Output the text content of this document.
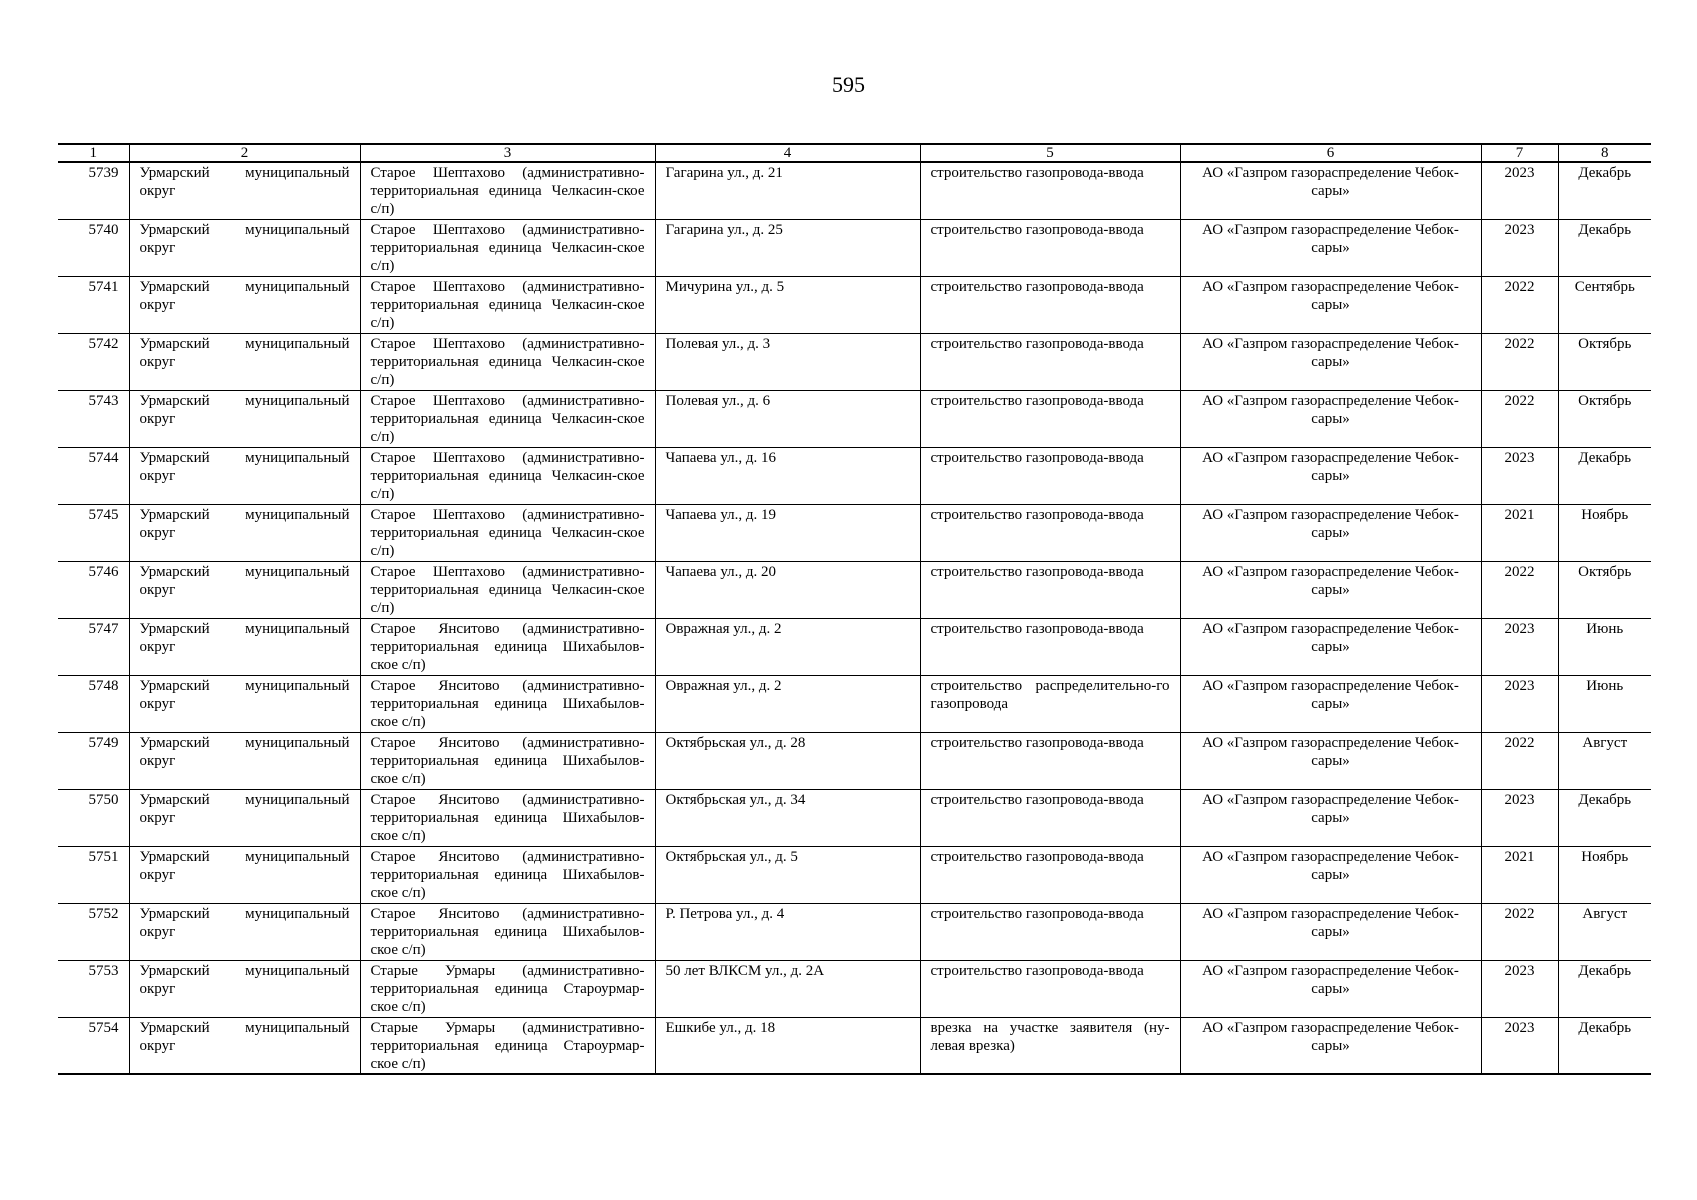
595
1	2	3	4	5	6	7	8
5739	Урмарский муниципальный округ	Старое Шептахово (административно-территориальная единица Челкасин-ское с/п)	Гагарина ул., д. 21	строительство газопровода-ввода	АО «Газпром газораспределение Чебок-сары»	2023	Декабрь
5740	Урмарский муниципальный округ	Старое Шептахово (административно-территориальная единица Челкасин-ское с/п)	Гагарина ул., д. 25	строительство газопровода-ввода	АО «Газпром газораспределение Чебок-сары»	2023	Декабрь
5741	Урмарский муниципальный округ	Старое Шептахово (административно-территориальная единица Челкасин-ское с/п)	Мичурина ул., д. 5	строительство газопровода-ввода	АО «Газпром газораспределение Чебок-сары»	2022	Сентябрь
5742	Урмарский муниципальный округ	Старое Шептахово (административно-территориальная единица Челкасин-ское с/п)	Полевая ул., д. 3	строительство газопровода-ввода	АО «Газпром газораспределение Чебок-сары»	2022	Октябрь
5743	Урмарский муниципальный округ	Старое Шептахово (административно-территориальная единица Челкасин-ское с/п)	Полевая ул., д. 6	строительство газопровода-ввода	АО «Газпром газораспределение Чебок-сары»	2022	Октябрь
5744	Урмарский муниципальный округ	Старое Шептахово (административно-территориальная единица Челкасин-ское с/п)	Чапаева ул., д. 16	строительство газопровода-ввода	АО «Газпром газораспределение Чебок-сары»	2023	Декабрь
5745	Урмарский муниципальный округ	Старое Шептахово (административно-территориальная единица Челкасин-ское с/п)	Чапаева ул., д. 19	строительство газопровода-ввода	АО «Газпром газораспределение Чебок-сары»	2021	Ноябрь
5746	Урмарский муниципальный округ	Старое Шептахово (административно-территориальная единица Челкасин-ское с/п)	Чапаева ул., д. 20	строительство газопровода-ввода	АО «Газпром газораспределение Чебок-сары»	2022	Октябрь
5747	Урмарский муниципальный округ	Старое Янситово (административно-территориальная единица Шихабылов-ское с/п)	Овражная ул., д. 2	строительство газопровода-ввода	АО «Газпром газораспределение Чебок-сары»	2023	Июнь
5748	Урмарский муниципальный округ	Старое Янситово (административно-территориальная единица Шихабылов-ское с/п)	Овражная ул., д. 2	строительство распределительно-го газопровода	АО «Газпром газораспределение Чебок-сары»	2023	Июнь
5749	Урмарский муниципальный округ	Старое Янситово (административно-территориальная единица Шихабылов-ское с/п)	Октябрьская ул., д. 28	строительство газопровода-ввода	АО «Газпром газораспределение Чебок-сары»	2022	Август
5750	Урмарский муниципальный округ	Старое Янситово (административно-территориальная единица Шихабылов-ское с/п)	Октябрьская ул., д. 34	строительство газопровода-ввода	АО «Газпром газораспределение Чебок-сары»	2023	Декабрь
5751	Урмарский муниципальный округ	Старое Янситово (административно-территориальная единица Шихабылов-ское с/п)	Октябрьская ул., д. 5	строительство газопровода-ввода	АО «Газпром газораспределение Чебок-сары»	2021	Ноябрь
5752	Урмарский муниципальный округ	Старое Янситово (административно-территориальная единица Шихабылов-ское с/п)	Р. Петрова ул., д. 4	строительство газопровода-ввода	АО «Газпром газораспределение Чебок-сары»	2022	Август
5753	Урмарский муниципальный округ	Старые Урмары (административно-территориальная единица Староурмар-ское с/п)	50 лет ВЛКСМ ул., д. 2А	строительство газопровода-ввода	АО «Газпром газораспределение Чебок-сары»	2023	Декабрь
5754	Урмарский муниципальный округ	Старые Урмары (административно-территориальная единица Староурмар-ское с/п)	Ешкибе ул., д. 18	врезка на участке заявителя (ну-левая врезка)	АО «Газпром газораспределение Чебок-сары»	2023	Декабрь
